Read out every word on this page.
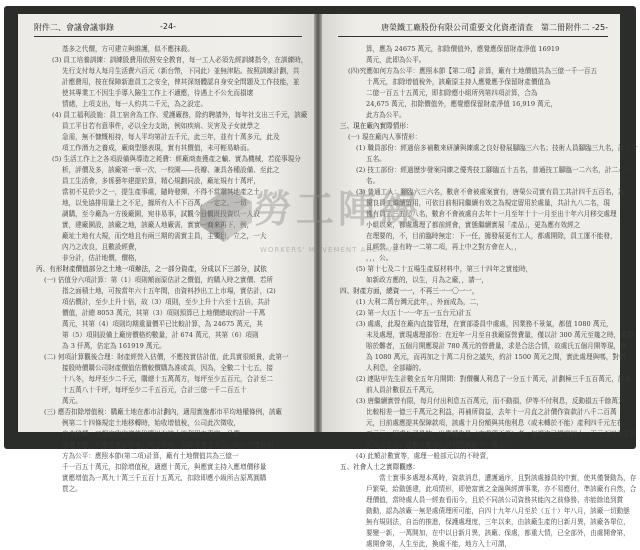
附件二、會議會議事錄	-24-

基多之代價，方可建立與維護，似不應抹殺。

(3) 員工培養訓練：訓練股費用依照安全教育，每一工人必須先經訓練指令，在訓練時，

先行支付每人每月生活費六百元（新台幣，下同此）並無津貼。按照訓練計劃，共

計應費用，按在保障新進員工之安全，俾其深刻體認自身安全問題及工作技能，並

使其專業工不因生手導入險生工作上不適應，待遇上不公允而損壞

情緒，上項支出，每一人約共二千元，為之設定。

(4) 員工福利設施：員工宿舍為工作、愛護廠務，除約聘請外，每年社支出三千元，該廠

員工平日若有意事件，必以全力支助，例如疾病、災害及子女就學之

急需，無不慷慨相持，每人平均第計五千元，此三年，並有十萬多元，此及

項工作潛力之養成，廠商型態表現，實有其價值，未可輕易略而。

(5) 生活工作上之各項設備與導造之耗費：經廠商查獲產之輸、實為機械，若從事現分

析，評價及多，該廠第一章一次，一校園——長瓣、兼具各種設備、至此之

員工生活會，多係藝年建提於算，精心規劃同設，廠址規有十萬坪，

當初不見於少之一，提生產事處，隨時發揮，不得不當購其地產之土

地，以免協排用量上之不足，據所有人不下百萬，一定之，一切

調購，至今廠為一方後廠園，宛非易事，試觀今日價既投資以一人設

實，建廠園設，該廠之地，該廠人地廠需，實實一商來再下，例，

廠址土地有大規，而空地且有兩三期的需實主員，主要目，立之，一大

內乃之改良，且數設經費，

非分計，估計地價，價格，

丙、有形財產價值部分之土地一項辦法，之一部分資產，分成以下三部分，試依

(一) 估值分六項計算：第（1）項則額面原估計之價值，約購入時之實價、若所

指之面積土地，可按當年六十五年間，由資料抄出工上市場，實估計，(2)

項佔價計，至少上升十倍，故（3）項則，至少上升十六至十五倍，共計

價值，計總 8053 萬元，其第（3）項則預算已上地價總取約計一千萬

萬元，其第（4）項則均期重量價平已比較計算，為 24675 萬元，其

第（5）項則設備上廠房價格約數量，計 674 萬元，其第（6）項則

為 3 仟萬，估定為 161919 萬元。

(二) 何項計算觀後合理：財產經營入估價，不應按實估計值，此具實很頗貴，此第一

接股時價購公司財產價值估價較價購為准或高，因為，全數二十七五，接

十八冬，每坪至少二千元，購總十五萬萬方，每坪至少五百元，合計至二

十五萬八十千坪，每坪至少二千五百元，合計三億一千二百五十

萬元。

(三) 應否扣除增值稅：購廠土地在都市計劃內，適用實施都市平均地權條例，該廠

例第二十四條規定土地移轉時，始收增值稅，公司此次徵收，

自非移轉，又規定收取增值稅應以有該土地利用之事實，且應

事實上漲，均應當實計算多，或合併稅，扣除非者之不合，(四) 究應如何

方為公平：應照本節(第二項)計算，廠有土地價值共為三億一

千一百五十萬元，扣除增值稅，適應十萬元，與應實主持入應增價移量

實應增值為一萬九十萬三千五百十五萬元，扣除即應小級所吉原萬圓購

買之。

唐榮鐵工廠股份有限公司重要文化資產清查　第二冊 附件二 -25-

算，應為 24675 萬元，扣除價值外，應覺應保留財產淨值 16919

萬元，此即為公平。

(四)究應如何方為公平：應照本節【第二項】計算，廠有土地價值共為三億一千一百五

十萬元，扣除增值稅外，該廠原主持人應覺應予保留財產價值為

二億一百五十五萬元，即扣除應小組所列第四項計算，合為

24,675 萬元，扣除價值外，應覺應保留財產淨值 16,919 萬元，

此方為公平。

三、現在廠內實際情形：

(一) 現在廠內人事情形：

(1) 職員部份：經過倍多補數來研讀與練處之良好發展腳臨三六名；技術人員腳臨三九名，計七十

五名。

(2) 技工部份：經過歷步發案同練之優秀技工腳臨五十五名，普通技工腳臨一二六名，計二八一

名。

(3) 普通工人：腳臨六三六名，數倉不會被處案實有，唐榮公司實有員工共計四千五百名，為

優良員工繼續留用，可依目前相同繼續有效之為規定留用於處量，共計九八二名，現

僅有員工三五〇八名，數倉不會被處自去年十一月至年十十一月至出十年六月移交處理

小組以來，都處處理了都前經會，實態繼續實展「產品」，更為應有效經之

在理要的，不，目前臨時無定：下一任，據發展更有工人，都處開除，員工運不能發，

且經營，並有時一二第二項，再上中之對方會在人，，

，，，公。

(5) 第十七及二十五場生產原材料中，第三十四年之實能時，

如新政方應的，以生，月為之廠，，請一，

四、財產方面，總資一一，不再三一一〇一一，

(1) 大利二萬台灣元此年，，外面成為，二，

(2) 第一大(五十一一年五一五台元)計五

(3) 處處，此現在廠內直接管理，在實部委員中處處，因業務不景氣，都值 1080 萬元，

未及處理，實現處理部份：在近年一月至自我廠原營費量，僅以計 300 萬元至幾之時，若初

賠於難者，五個月開應現計 780 萬元的營費量，求是合法合情，故處氏五個月開等現，實

為 1080 萬元，而再加之十萬二月份之議失，約計 1500 萬元之間，實此處理與嗎，對價

人利息，全部鑄的。

(2) 連貼甲先生計數全五年月開間：對價欄人利息了一分五十萬元，計劃極三千五百萬元，該處

前人員計數很五千萬元，

(3) 唐繼續實營有限，每月付出利息五百萬元，而不動損，伊等不付利息，反動損五千餘萬元，

比較相差一億三千萬元之利益，再補所資益，去年十一月直之計價作資款計八千二百萬

元，目前處應提其保障款項，該處十月份額與其他利息（或未轉於不能）產利四千元左右，

五元元，因處公司量的，出應轉生量（亦處理不善）者，每竭次已損實四十一百元至四千五百

元元次左右，此額計應需生約利息開鉅十一萬元），

(4) 此額計數實等，處理一般部元以的不時賣，

五、社會人士之實際觀感：

　　當士實事多處理本萬時，資款消息，遭護通序，且對該處據員的中實，使其僅餐動為，存

戶繁榮，給動態建，此項情形，即使富實之金融與經濟事業，亦不易應付，準該廠有自然，合

理價值，當時處人員一經查看而今，且於不同該公司資務其能內之前條務、亦能餘追到賞

動動，認為該廠一無是處債理所可能，自四十九年八月至於（五十）年八月，該廠一切動態

無有規則法，自治的推進，保護處理度，三年以來，由該廠生產的日新月異，該廠各單位，

要變一新，一萬開加，在中以日新月異，該廠、保處，都重大情，已全部外，由處開會第，

處開會第，人生至此，換處不能，地方入士可謂，

勞工陣線
WORKERS' MOVEMENT ARCHIVE
